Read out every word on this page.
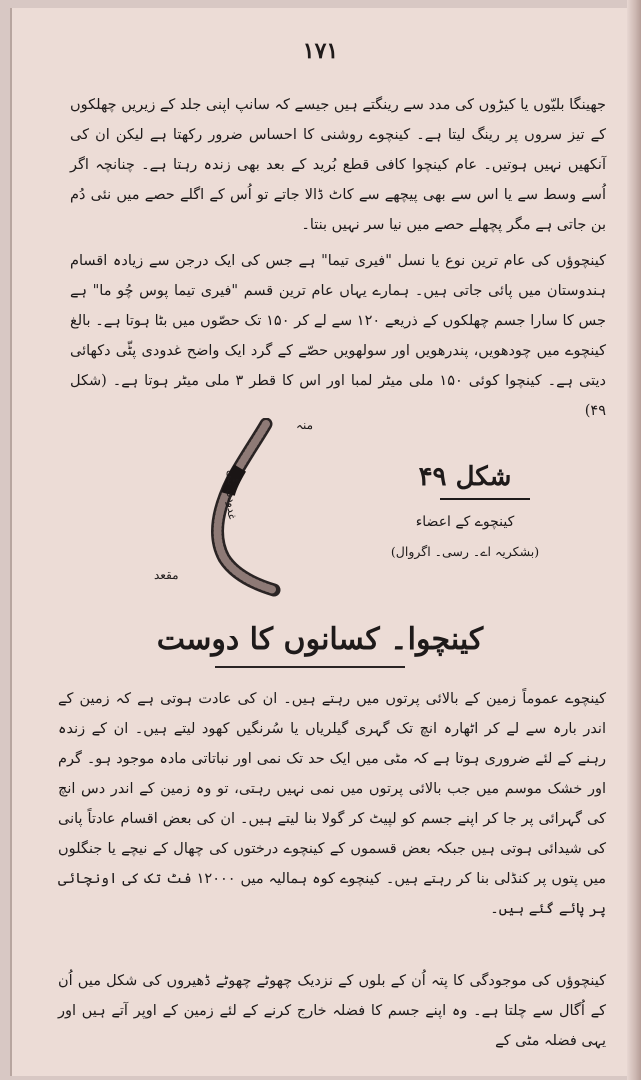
۱۷۱

جھینگا بلیّوں یا کیڑوں کی مدد سے رینگتے ہیں جیسے کہ سانپ اپنی جلد کے زیریں چھلکوں کے تیز سروں پر رینگ لیتا ہے۔ کینچوے روشنی کا احساس ضرور رکھتا ہے لیکن ان کی آنکھیں نہیں ہوتیں۔ عام کینچوا کافی قطع بُرید کے بعد بھی زندہ رہتا ہے۔ چنانچہ اگر اُسے وسط سے یا اس سے بھی پیچھے سے کاٹ ڈالا جاتے تو اُس کے اگلے حصے میں نئی دُم بن جاتی ہے مگر پچھلے حصے میں نیا سر نہیں بنتا۔

کینچوؤں کی عام ترین نوع یا نسل "فیری تیما" ہے جس کی ایک درجن سے زیادہ اقسام ہندوستان میں پائی جاتی ہیں۔ ہمارے یہاں عام ترین قسم "فیری تیما پوس چُو ما" ہے جس کا سارا جسم چھلکوں کے ذریعے ۱۲۰ سے لے کر ۱۵۰ تک حصّوں میں بٹا ہوتا ہے۔ بالغ کینچوے میں چودھویں، پندرھویں اور سولھویں حصّے کے گرد ایک واضح غدودی پٹّی دکھائی دیتی ہے۔ کینچوا کوئی ۱۵۰ ملی میٹر لمبا اور اس کا قطر ۳ ملی میٹر ہوتا ہے۔ (شکل ۴۹)

منہ
مقعد
غدودی پٹّی	شکل ۴۹
کینچوے کے اعضاء
(بشکریہ اے۔ رسی۔ اگروال)
کینچوا۔ کسانوں کا دوست

کینچوے عموماً زمین کے بالائی پرتوں میں رہتے ہیں۔ ان کی عادت ہوتی ہے کہ زمین کے اندر بارہ سے لے کر اٹھارہ انچ تک گہری گیلریاں یا سُرنگیں کھود لیتے ہیں۔ ان کے زندہ رہنے کے لئے ضروری ہوتا ہے کہ مٹی میں ایک حد تک نمی اور نباتاتی مادہ موجود ہو۔ گرم اور خشک موسم میں جب بالائی پرتوں میں نمی نہیں رہتی، تو وہ زمین کے اندر دس انچ کی گہرائی پر جا کر اپنے جسم کو لپیٹ کر گولا بنا لیتے ہیں۔ ان کی بعض اقسام عادتاً پانی کی شیدائی ہوتی ہیں جبکہ بعض قسموں کے کینچوے درختوں کی چھال کے نیچے یا جنگلوں میں پتوں پر کنڈلی بنا کر رہتے ہیں۔ کینچوے کوہ ہمالیہ میں ۱۲۰۰۰ فٹ تک کی اونچائی پر پائے گئے ہیں۔

کینچوؤں کی موجودگی کا پتہ اُن کے بلوں کے نزدیک چھوٹے چھوٹے ڈھیروں کی شکل میں اُن کے اُگال سے چلتا ہے۔ وہ اپنے جسم کا فضلہ خارج کرنے کے لئے زمین کے اوپر آتے ہیں اور یہی فضلہ مٹی کے
